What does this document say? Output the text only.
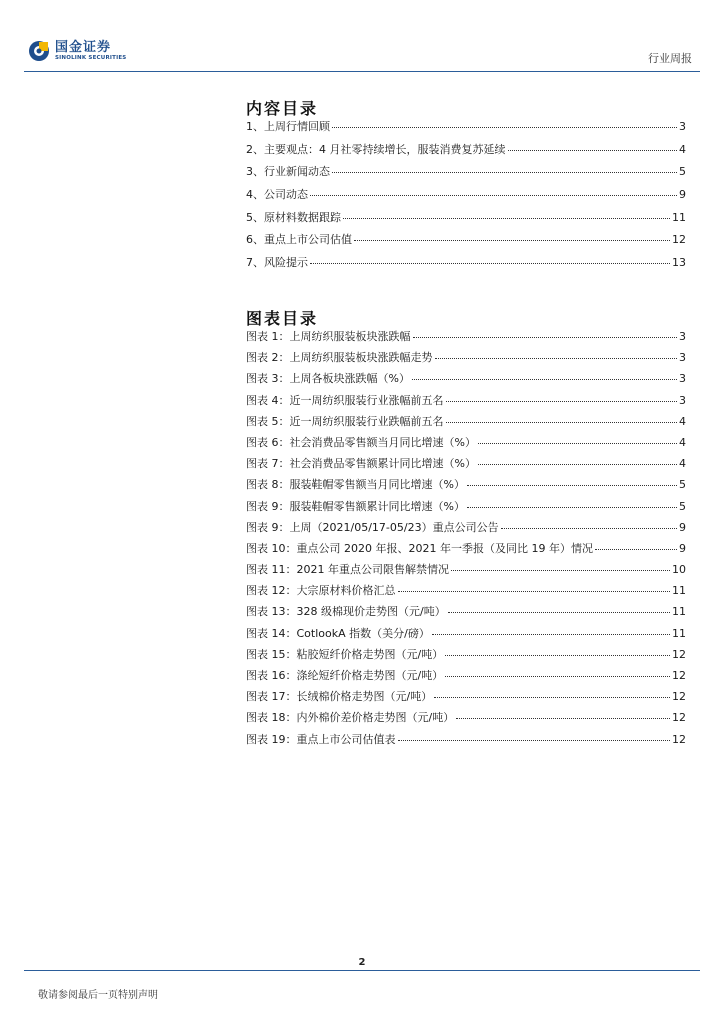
国金证券
SINOLINK SECURITIES	行业周报
内容目录
1、上周行情回顾	3
2、主要观点：4 月社零持续增长，服装消费复苏延续	4
3、行业新闻动态	5
4、公司动态	9
5、原材料数据跟踪	11
6、重点上市公司估值	12
7、风险提示	13
图表目录
图表 1：上周纺织服装板块涨跌幅	3
图表 2：上周纺织服装板块涨跌幅走势	3
图表 3：上周各板块涨跌幅（%）	3
图表 4：近一周纺织服装行业涨幅前五名	3
图表 5：近一周纺织服装行业跌幅前五名	4
图表 6：社会消费品零售额当月同比增速（%）	4
图表 7：社会消费品零售额累计同比增速（%）	4
图表 8：服装鞋帽零售额当月同比增速（%）	5
图表 9：服装鞋帽零售额累计同比增速（%）	5
图表 9：上周（2021/05/17-05/23）重点公司公告	9
图表 10：重点公司 2020 年报、2021 年一季报（及同比 19 年）情况	9
图表 11：2021 年重点公司限售解禁情况	10
图表 12：大宗原材料价格汇总	11
图表 13：328 级棉现价走势图（元/吨）	11
图表 14：CotlookA 指数（美分/磅）	11
图表 15：粘胶短纤价格走势图（元/吨）	12
图表 16：涤纶短纤价格走势图（元/吨）	12
图表 17：长绒棉价格走势图（元/吨）	12
图表 18：内外棉价差价格走势图（元/吨）	12
图表 19：重点上市公司估值表	12
2
敬请参阅最后一页特别声明
